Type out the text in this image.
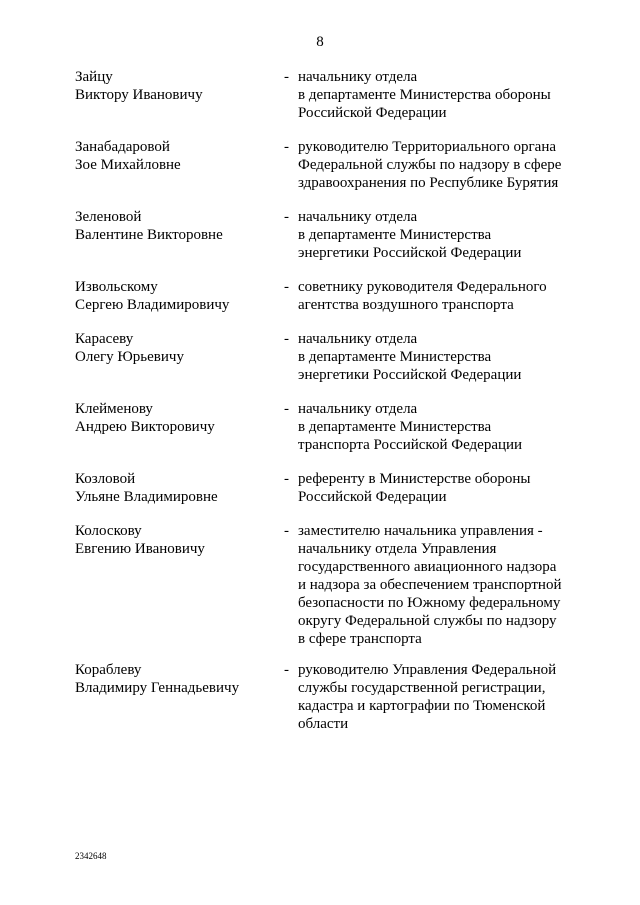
8
Зайцу
Виктору Ивановичу
- начальнику отдела
в департаменте Министерства обороны
Российской Федерации
Занабадаровой
Зое Михайловне
- руководителю Территориального органа
Федеральной службы по надзору в сфере
здравоохранения по Республике Бурятия
Зеленовой
Валентине Викторовне
- начальнику отдела
в департаменте Министерства
энергетики Российской Федерации
Извольскому
Сергею Владимировичу
- советнику руководителя Федерального
агентства воздушного транспорта
Карасеву
Олегу Юрьевичу
- начальнику отдела
в департаменте Министерства
энергетики Российской Федерации
Клейменову
Андрею Викторовичу
- начальнику отдела
в департаменте Министерства
транспорта Российской Федерации
Козловой
Ульяне Владимировне
- референту в Министерстве обороны
Российской Федерации
Колоскову
Евгению Ивановичу
- заместителю начальника управления -
начальнику отдела Управления
государственного авиационного надзора
и надзора за обеспечением транспортной
безопасности по Южному федеральному
округу Федеральной службы по надзору
в сфере транспорта
Кораблеву
Владимиру Геннадьевичу
- руководителю Управления Федеральной
службы государственной регистрации,
кадастра и картографии по Тюменской
области
2342648
